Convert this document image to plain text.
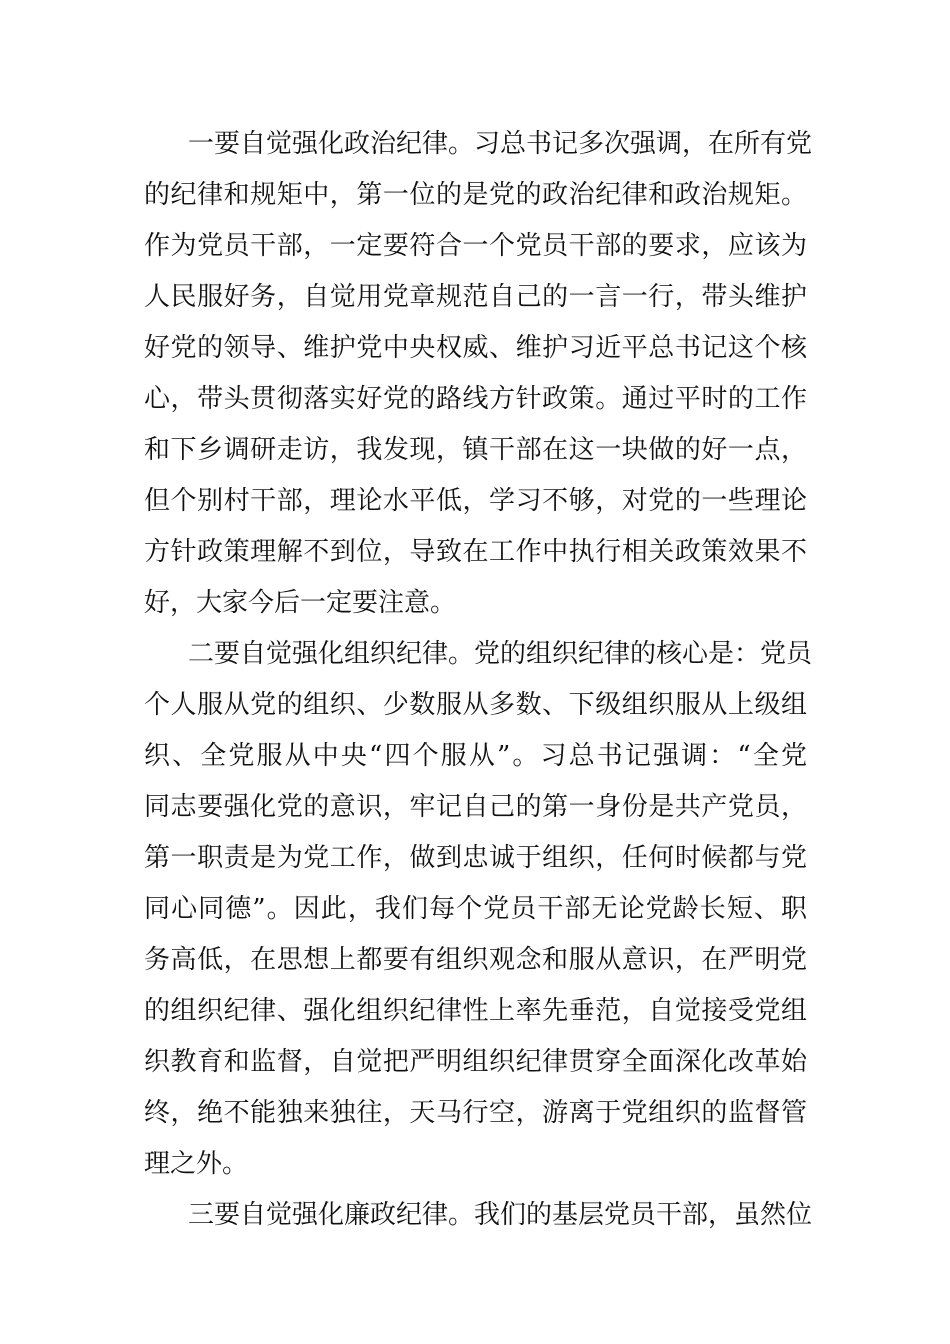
一要自觉强化政治纪律。习总书记多次强调，在所有党
的纪律和规矩中，第一位的是党的政治纪律和政治规矩。
作为党员干部，一定要符合一个党员干部的要求，应该为
人民服好务，自觉用党章规范自己的一言一行，带头维护
好党的领导、维护党中央权威、维护习近平总书记这个核
心，带头贯彻落实好党的路线方针政策。通过平时的工作
和下乡调研走访，我发现，镇干部在这一块做的好一点，
但个别村干部，理论水平低，学习不够，对党的一些理论
方针政策理解不到位，导致在工作中执行相关政策效果不
好，大家今后一定要注意。
二要自觉强化组织纪律。党的组织纪律的核心是：党员
个人服从党的组织、少数服从多数、下级组织服从上级组
织、全党服从中央“四个服从”。习总书记强调：“全党
同志要强化党的意识，牢记自己的第一身份是共产党员，
第一职责是为党工作，做到忠诚于组织，任何时候都与党
同心同德”。因此，我们每个党员干部无论党龄长短、职
务高低，在思想上都要有组织观念和服从意识，在严明党
的组织纪律、强化组织纪律性上率先垂范，自觉接受党组
织教育和监督，自觉把严明组织纪律贯穿全面深化改革始
终，绝不能独来独往，天马行空，游离于党组织的监督管
理之外。
三要自觉强化廉政纪律。我们的基层党员干部，虽然位
